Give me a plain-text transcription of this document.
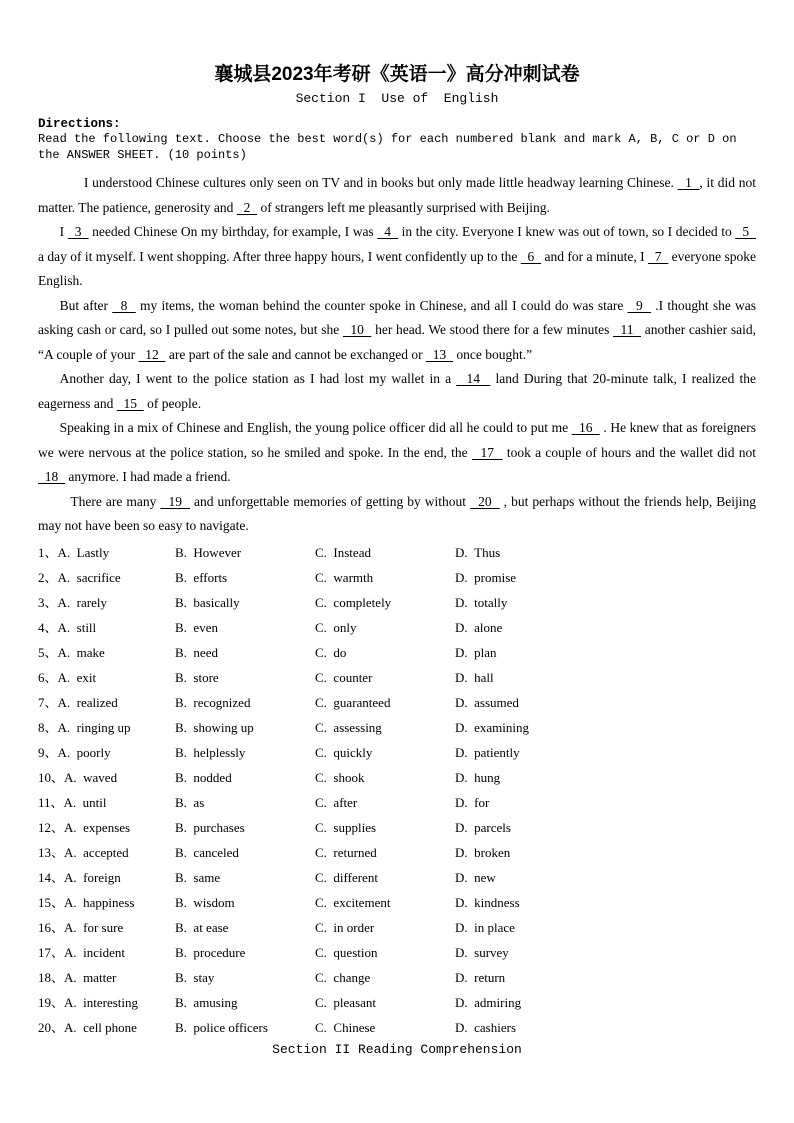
襄城县2023年考研《英语一》高分冲刺试卷
Section I  Use of  English
Directions:
Read the following text. Choose the best word(s) for each numbered blank and mark A, B, C or D on the ANSWER SHEET. (10 points)

I understood Chinese cultures only seen on TV and in books but only made little headway learning Chinese.   1  , it did not matter. The patience, generosity and   2   of strangers left me pleasantly surprised with Beijing.

I   3   needed Chinese On my birthday, for example, I was   4   in the city. Everyone I knew was out of town, so I decided to   5   a day of it myself. I went shopping. After three happy hours, I went confidently up to the   6   and for a minute, I   7   everyone spoke English.

But after   8   my items, the woman behind the counter spoke in Chinese, and all I could do was stare   9   .I thought she was asking cash or card, so I pulled out some notes, but she   10   her head. We stood there for a few minutes   11   another cashier said, “A couple of your   12   are part of the sale and cannot be exchanged or   13   once bought.”

Another day, I went to the police station as I had lost my wallet in a   14   land During that 20-minute talk, I realized the eagerness and   15   of people.

Speaking in a mix of Chinese and English, the young police officer did all he could to put me   16   . He knew that as foreigners we were nervous at the police station, so he smiled and spoke. In the end, the   17   took a couple of hours and the wallet did not   18   anymore. I had made a friend.

There are many   19   and unforgettable memories of getting by without   20   , but perhaps without the friends help, Beijing may not have been so easy to navigate.

1、A.  Lastly	B.  However	C.  Instead	D.  Thus
2、A.  sacrifice	B.  efforts	C.  warmth	D.  promise
3、A.  rarely	B.  basically	C.  completely	D.  totally
4、A.  still	B.  even	C.  only	D.  alone
5、A.  make	B.  need	C.  do	D.  plan
6、A.  exit	B.  store	C.  counter	D.  hall
7、A.  realized	B.  recognized	C.  guaranteed	D.  assumed
8、A.  ringing up	B.  showing up	C.  assessing	D.  examining
9、A.  poorly	B.  helplessly	C.  quickly	D.  patiently
10、A.  waved	B.  nodded	C.  shook	D.  hung
11、A.  until	B.  as	C.  after	D.  for
12、A.  expenses	B.  purchases	C.  supplies	D.  parcels
13、A.  accepted	B.  canceled	C.  returned	D.  broken
14、A.  foreign	B.  same	C.  different	D.  new
15、A.  happiness	B.  wisdom	C.  excitement	D.  kindness
16、A.  for sure	B.  at ease	C.  in order	D.  in place
17、A.  incident	B.  procedure	C.  question	D.  survey
18、A.  matter	B.  stay	C.  change	D.  return
19、A.  interesting	B.  amusing	C.  pleasant	D.  admiring
20、A.  cell phone	B.  police officers	C.  Chinese	D.  cashiers
Section II Reading Comprehension
